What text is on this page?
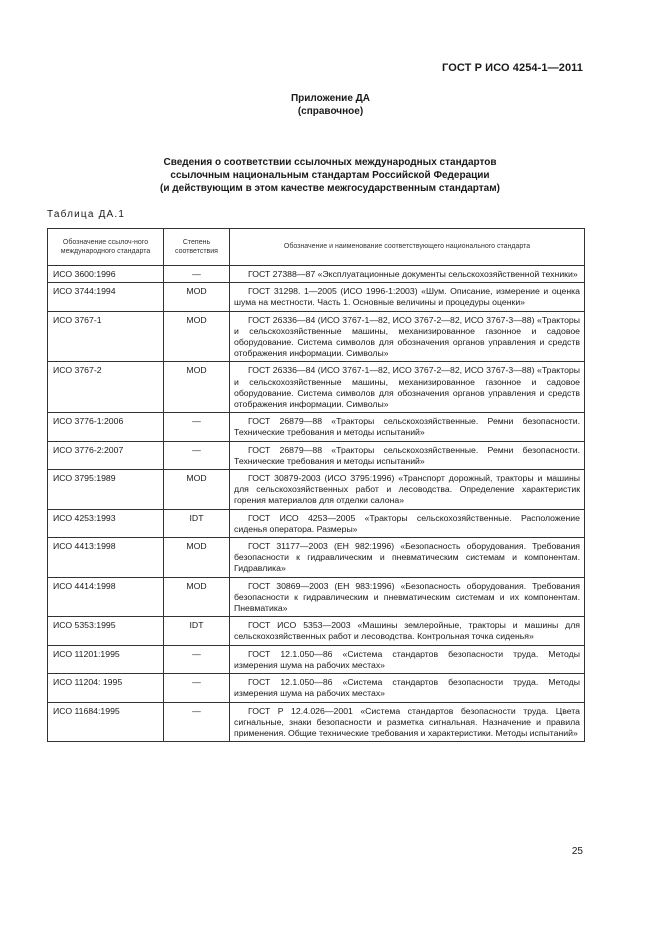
ГОСТ Р ИСО 4254-1—2011
Приложение ДА
(справочное)
Сведения о соответствии ссылочных международных стандартов
ссылочным национальным стандартам Российской Федерации
(и действующим в этом качестве межгосударственным стандартам)
Таблица ДА.1
Обозначение ссылоч-ного международного стандарта	Степень соответствия	Обозначение и наименование соответствующего национального стандарта
ИСО 3600:1996	—	ГОСТ 27388—87 «Эксплуатационные документы сельскохозяйственной техники»

ИСО 3744:1994	MOD	ГОСТ 31298. 1—2005 (ИСО 1996-1:2003) «Шум. Описание, измерение и оценка шума на местности. Часть 1. Основные величины и процедуры оценки»

ИСО 3767-1	MOD	ГОСТ 26336—84 (ИСО 3767-1—82, ИСО 3767-2—82, ИСО 3767-3—88) «Тракторы и сельскохозяйственные машины, механизированное газонное и садовое оборудование. Система символов для обозначения органов управления и средств отображения информации. Символы»

ИСО 3767-2	MOD	ГОСТ 26336—84 (ИСО 3767-1—82, ИСО 3767-2—82, ИСО 3767-3—88) «Тракторы и сельскохозяйственные машины, механизированное газонное и садовое оборудование. Система символов для обозначения органов управления и средств отображения информации. Символы»

ИСО 3776-1:2006	—	ГОСТ 26879—88 «Тракторы сельскохозяйственные. Ремни безопасности. Технические требования и методы испытаний»

ИСО 3776-2:2007	—	ГОСТ 26879—88 «Тракторы сельскохозяйственные. Ремни безопасности. Технические требования и методы испытаний»

ИСО 3795:1989	MOD	ГОСТ 30879-2003 (ИСО 3795:1996) «Транспорт дорожный, тракторы и машины для сельскохозяйственных работ и лесоводства. Определение характеристик горения материалов для отделки салона»

ИСО 4253:1993	IDT	ГОСТ ИСО 4253—2005 «Тракторы сельскохозяйственные. Расположение сиденья оператора. Размеры»

ИСО 4413:1998	MOD	ГОСТ 31177—2003 (ЕН 982:1996) «Безопасность оборудования. Требования безопасности к гидравлическим и пневматическим системам и компонентам. Гидравлика»

ИСО 4414:1998	MOD	ГОСТ 30869—2003 (ЕН 983:1996) «Безопасность оборудования. Требования безопасности к гидравлическим и пневматическим системам и их компонентам. Пневматика»

ИСО 5353:1995	IDT	ГОСТ ИСО 5353—2003 «Машины землеройные, тракторы и машины для сельскохозяйственных работ и лесоводства. Контрольная точка сиденья»

ИСО 11201:1995	—	ГОСТ 12.1.050—86 «Система стандартов безопасности труда. Методы измерения шума на рабочих местах»

ИСО 11204: 1995	—	ГОСТ 12.1.050—86 «Система стандартов безопасности труда. Методы измерения шума на рабочих местах»

ИСО 11684:1995	—	ГОСТ Р 12.4.026—2001 «Система стандартов безопасности труда. Цвета сигнальные, знаки безопасности и разметка сигнальная. Назначение и правила применения. Общие технические требования и характеристики. Методы испытаний»
25
